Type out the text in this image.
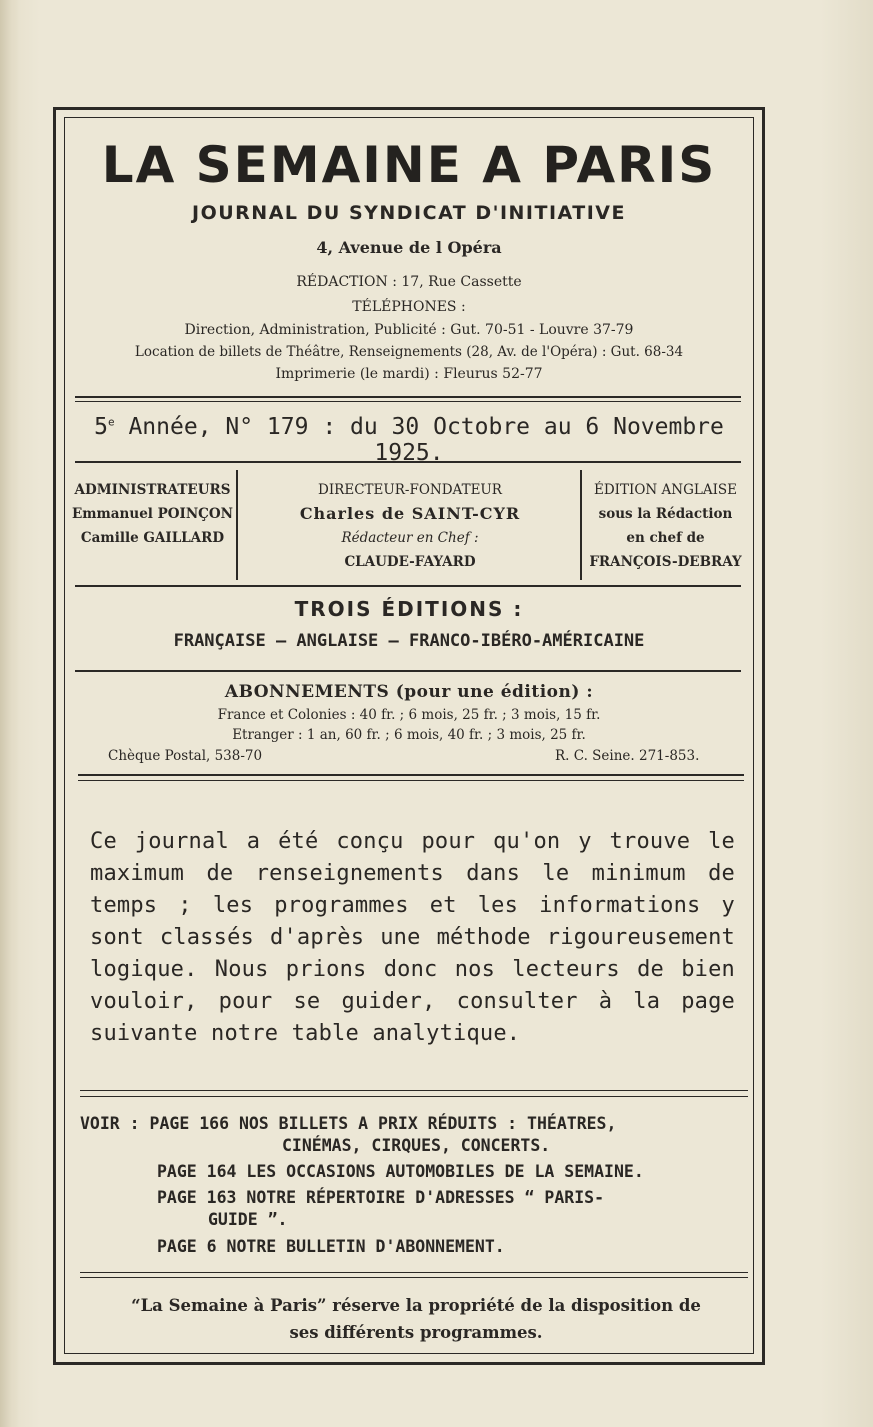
LA SEMAINE A PARIS
JOURNAL DU SYNDICAT D'INITIATIVE
4, Avenue de l Opéra
RÉDACTION : 17, Rue Cassette
TÉLÉPHONES :
Direction, Administration, Publicité : Gut. 70-51 - Louvre 37-79
Location de billets de Théâtre, Renseignements (28, Av. de l'Opéra) : Gut. 68-34
Imprimerie (le mardi) : Fleurus 52-77
5e Année, N° 179 : du 30 Octobre au 6 Novembre 1925.
ADMINISTRATEURS
Emmanuel POINÇON
Camille GAILLARD
DIRECTEUR-FONDATEUR
Charles de SAINT-CYR
Rédacteur en Chef :
CLAUDE-FAYARD
ÉDITION ANGLAISE
sous la Rédaction
en chef de
FRANÇOIS-DEBRAY
TROIS ÉDITIONS :
FRANÇAISE — ANGLAISE — FRANCO-IBÉRO-AMÉRICAINE
ABONNEMENTS (pour une édition) :
France et Colonies : 40 fr. ; 6 mois, 25 fr. ; 3 mois, 15 fr.
Etranger : 1 an, 60 fr. ; 6 mois, 40 fr. ; 3 mois, 25 fr.
Chèque Postal, 538-70	R. C. Seine. 271-853.
Ce journal a été conçu pour qu'on y trouve le maximum de renseignements dans le minimum de temps ; les programmes et les informations y sont classés d'après une méthode rigoureusement logique. Nous prions donc nos lecteurs de bien vouloir, pour se guider, consulter à la page suivante notre table analytique.
VOIR : PAGE 166 NOS BILLETS A PRIX RÉDUITS : THÉATRES,
CINÉMAS, CIRQUES, CONCERTS.
PAGE 164 LES OCCASIONS AUTOMOBILES DE LA SEMAINE.
PAGE 163 NOTRE RÉPERTOIRE D'ADRESSES “ PARIS-
GUIDE ”.
PAGE 6 NOTRE BULLETIN D'ABONNEMENT.
“La Semaine à Paris” réserve la propriété de la disposition de
ses différents programmes.
